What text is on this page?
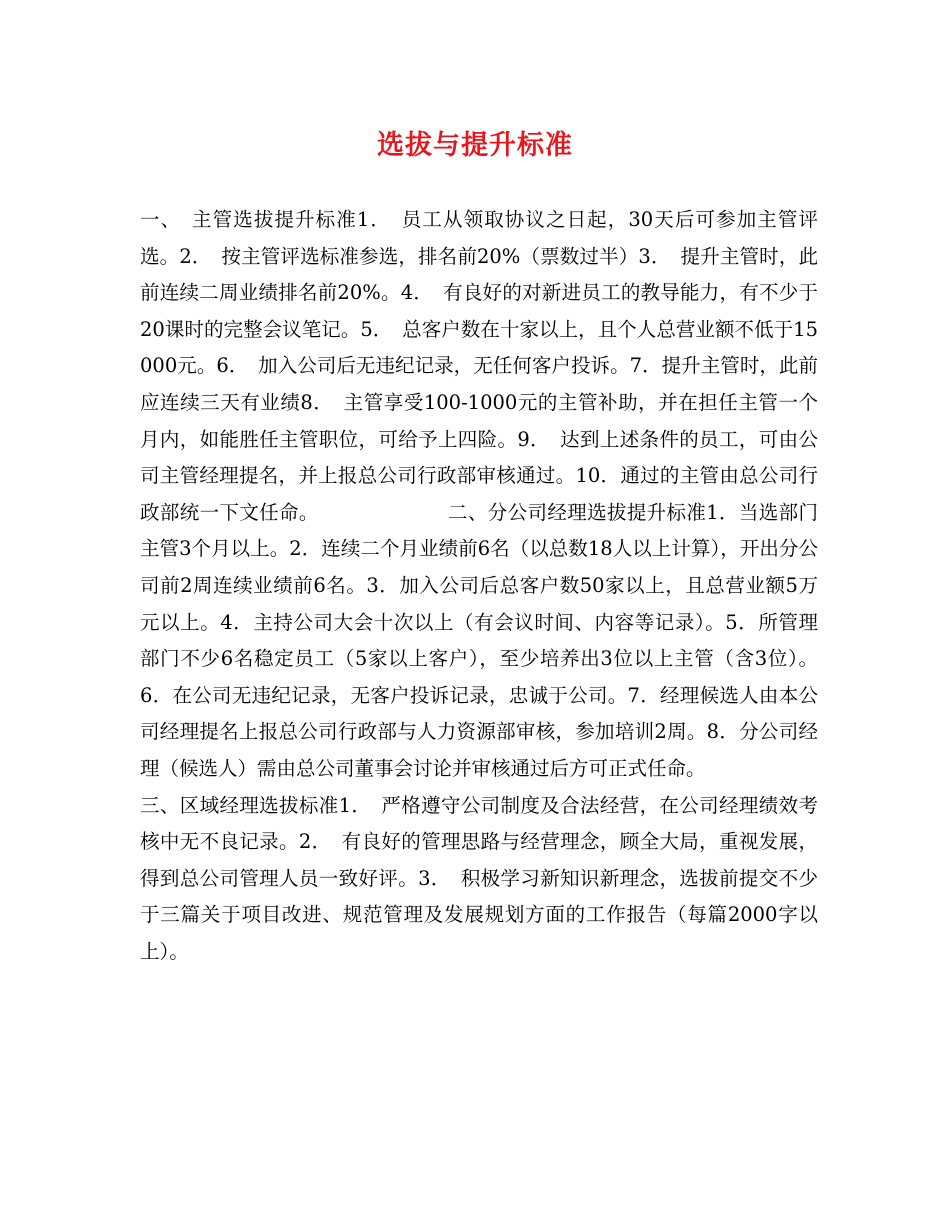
选拔与提升标准

一、　主管选拔提升标准1．　员工从领取协议之日起，30天后可参加主管评选。2．　按主管评选标准参选，排名前20%（票数过半）3．　提升主管时，此前连续二周业绩排名前20%。4．　有良好的对新进员工的教导能力，有不少于20课时的完整会议笔记。5．　总客户数在十家以上，且个人总营业额不低于15000元。6．　加入公司后无违纪记录，无任何客户投诉。7．提升主管时，此前应连续三天有业绩8．　主管享受100-1000元的主管补助，并在担任主管一个月内，如能胜任主管职位，可给予上四险。9．　达到上述条件的员工，可由公司主管经理提名，并上报总公司行政部审核通过。10．通过的主管由总公司行政部统一下文任命。　　　　　　　二、分公司经理选拔提升标准1．当选部门主管3个月以上。2．连续二个月业绩前6名（以总数18人以上计算），开出分公司前2周连续业绩前6名。3．加入公司后总客户数50家以上，且总营业额5万元以上。4．主持公司大会十次以上（有会议时间、内容等记录）。5．所管理部门不少6名稳定员工（5家以上客户），至少培养出3位以上主管（含3位）。6．在公司无违纪记录，无客户投诉记录，忠诚于公司。7．经理候选人由本公司经理提名上报总公司行政部与人力资源部审核，参加培训2周。8．分公司经理（候选人）需由总公司董事会讨论并审核通过后方可正式任命。

三、区域经理选拔标准1．　严格遵守公司制度及合法经营，在公司经理绩效考核中无不良记录。2．　有良好的管理思路与经营理念，顾全大局，重视发展，得到总公司管理人员一致好评。3．　积极学习新知识新理念，选拔前提交不少于三篇关于项目改进、规范管理及发展规划方面的工作报告（每篇2000字以上）。
